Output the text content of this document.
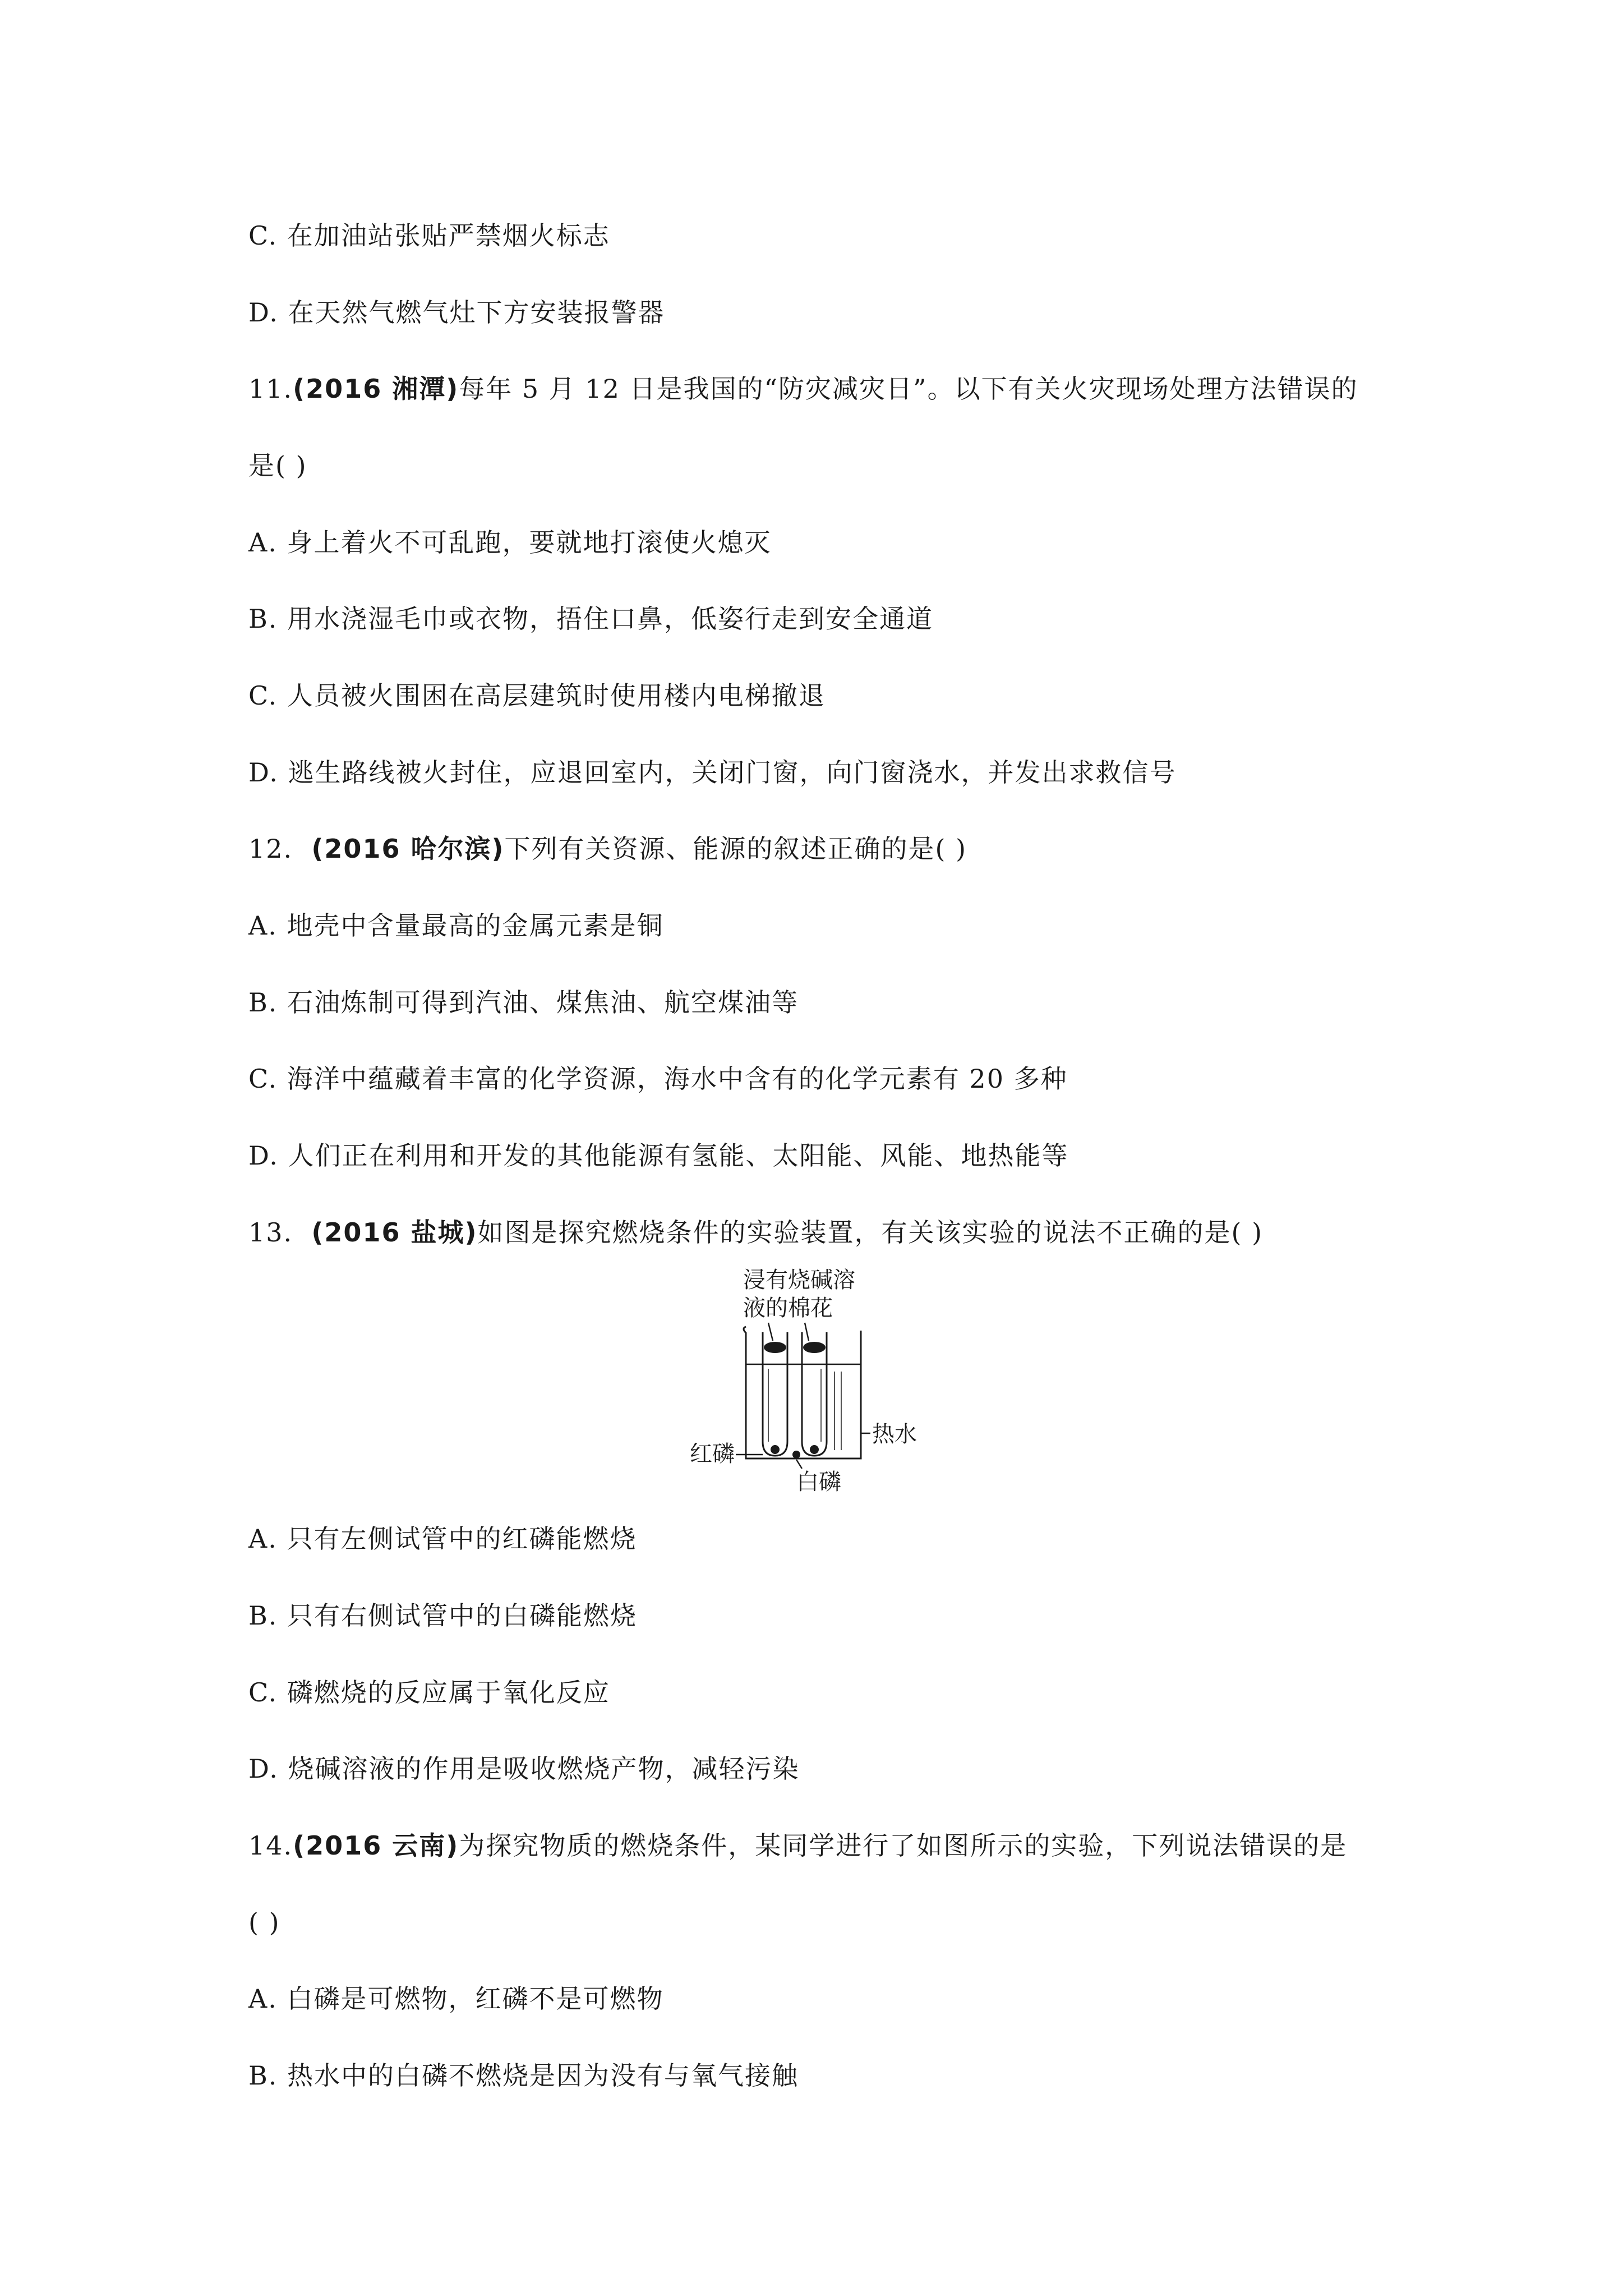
C. 在加油站张贴严禁烟火标志
D. 在天然气燃气灶下方安装报警器
11.(2016 湘潭)每年 5 月 12 日是我国的“防灾减灾日”。以下有关火灾现场处理方法错误的
是( )
A. 身上着火不可乱跑，要就地打滚使火熄灭
B. 用水浇湿毛巾或衣物，捂住口鼻，低姿行走到安全通道
C. 人员被火围困在高层建筑时使用楼内电梯撤退
D. 逃生路线被火封住，应退回室内，关闭门窗，向门窗浇水，并发出求救信号
12. (2016 哈尔滨)下列有关资源、能源的叙述正确的是( )
A. 地壳中含量最高的金属元素是铜
B. 石油炼制可得到汽油、煤焦油、航空煤油等
C. 海洋中蕴藏着丰富的化学资源，海水中含有的化学元素有 20 多种
D. 人们正在利用和开发的其他能源有氢能、太阳能、风能、地热能等
13. (2016 盐城)如图是探究燃烧条件的实验装置，有关该实验的说法不正确的是( )
浸有烧碱溶
液的棉花
热水
红磷
白磷
A. 只有左侧试管中的红磷能燃烧
B. 只有右侧试管中的白磷能燃烧
C. 磷燃烧的反应属于氧化反应
D. 烧碱溶液的作用是吸收燃烧产物，减轻污染
14.(2016 云南)为探究物质的燃烧条件，某同学进行了如图所示的实验，下列说法错误的是
( )
A. 白磷是可燃物，红磷不是可燃物
B. 热水中的白磷不燃烧是因为没有与氧气接触
